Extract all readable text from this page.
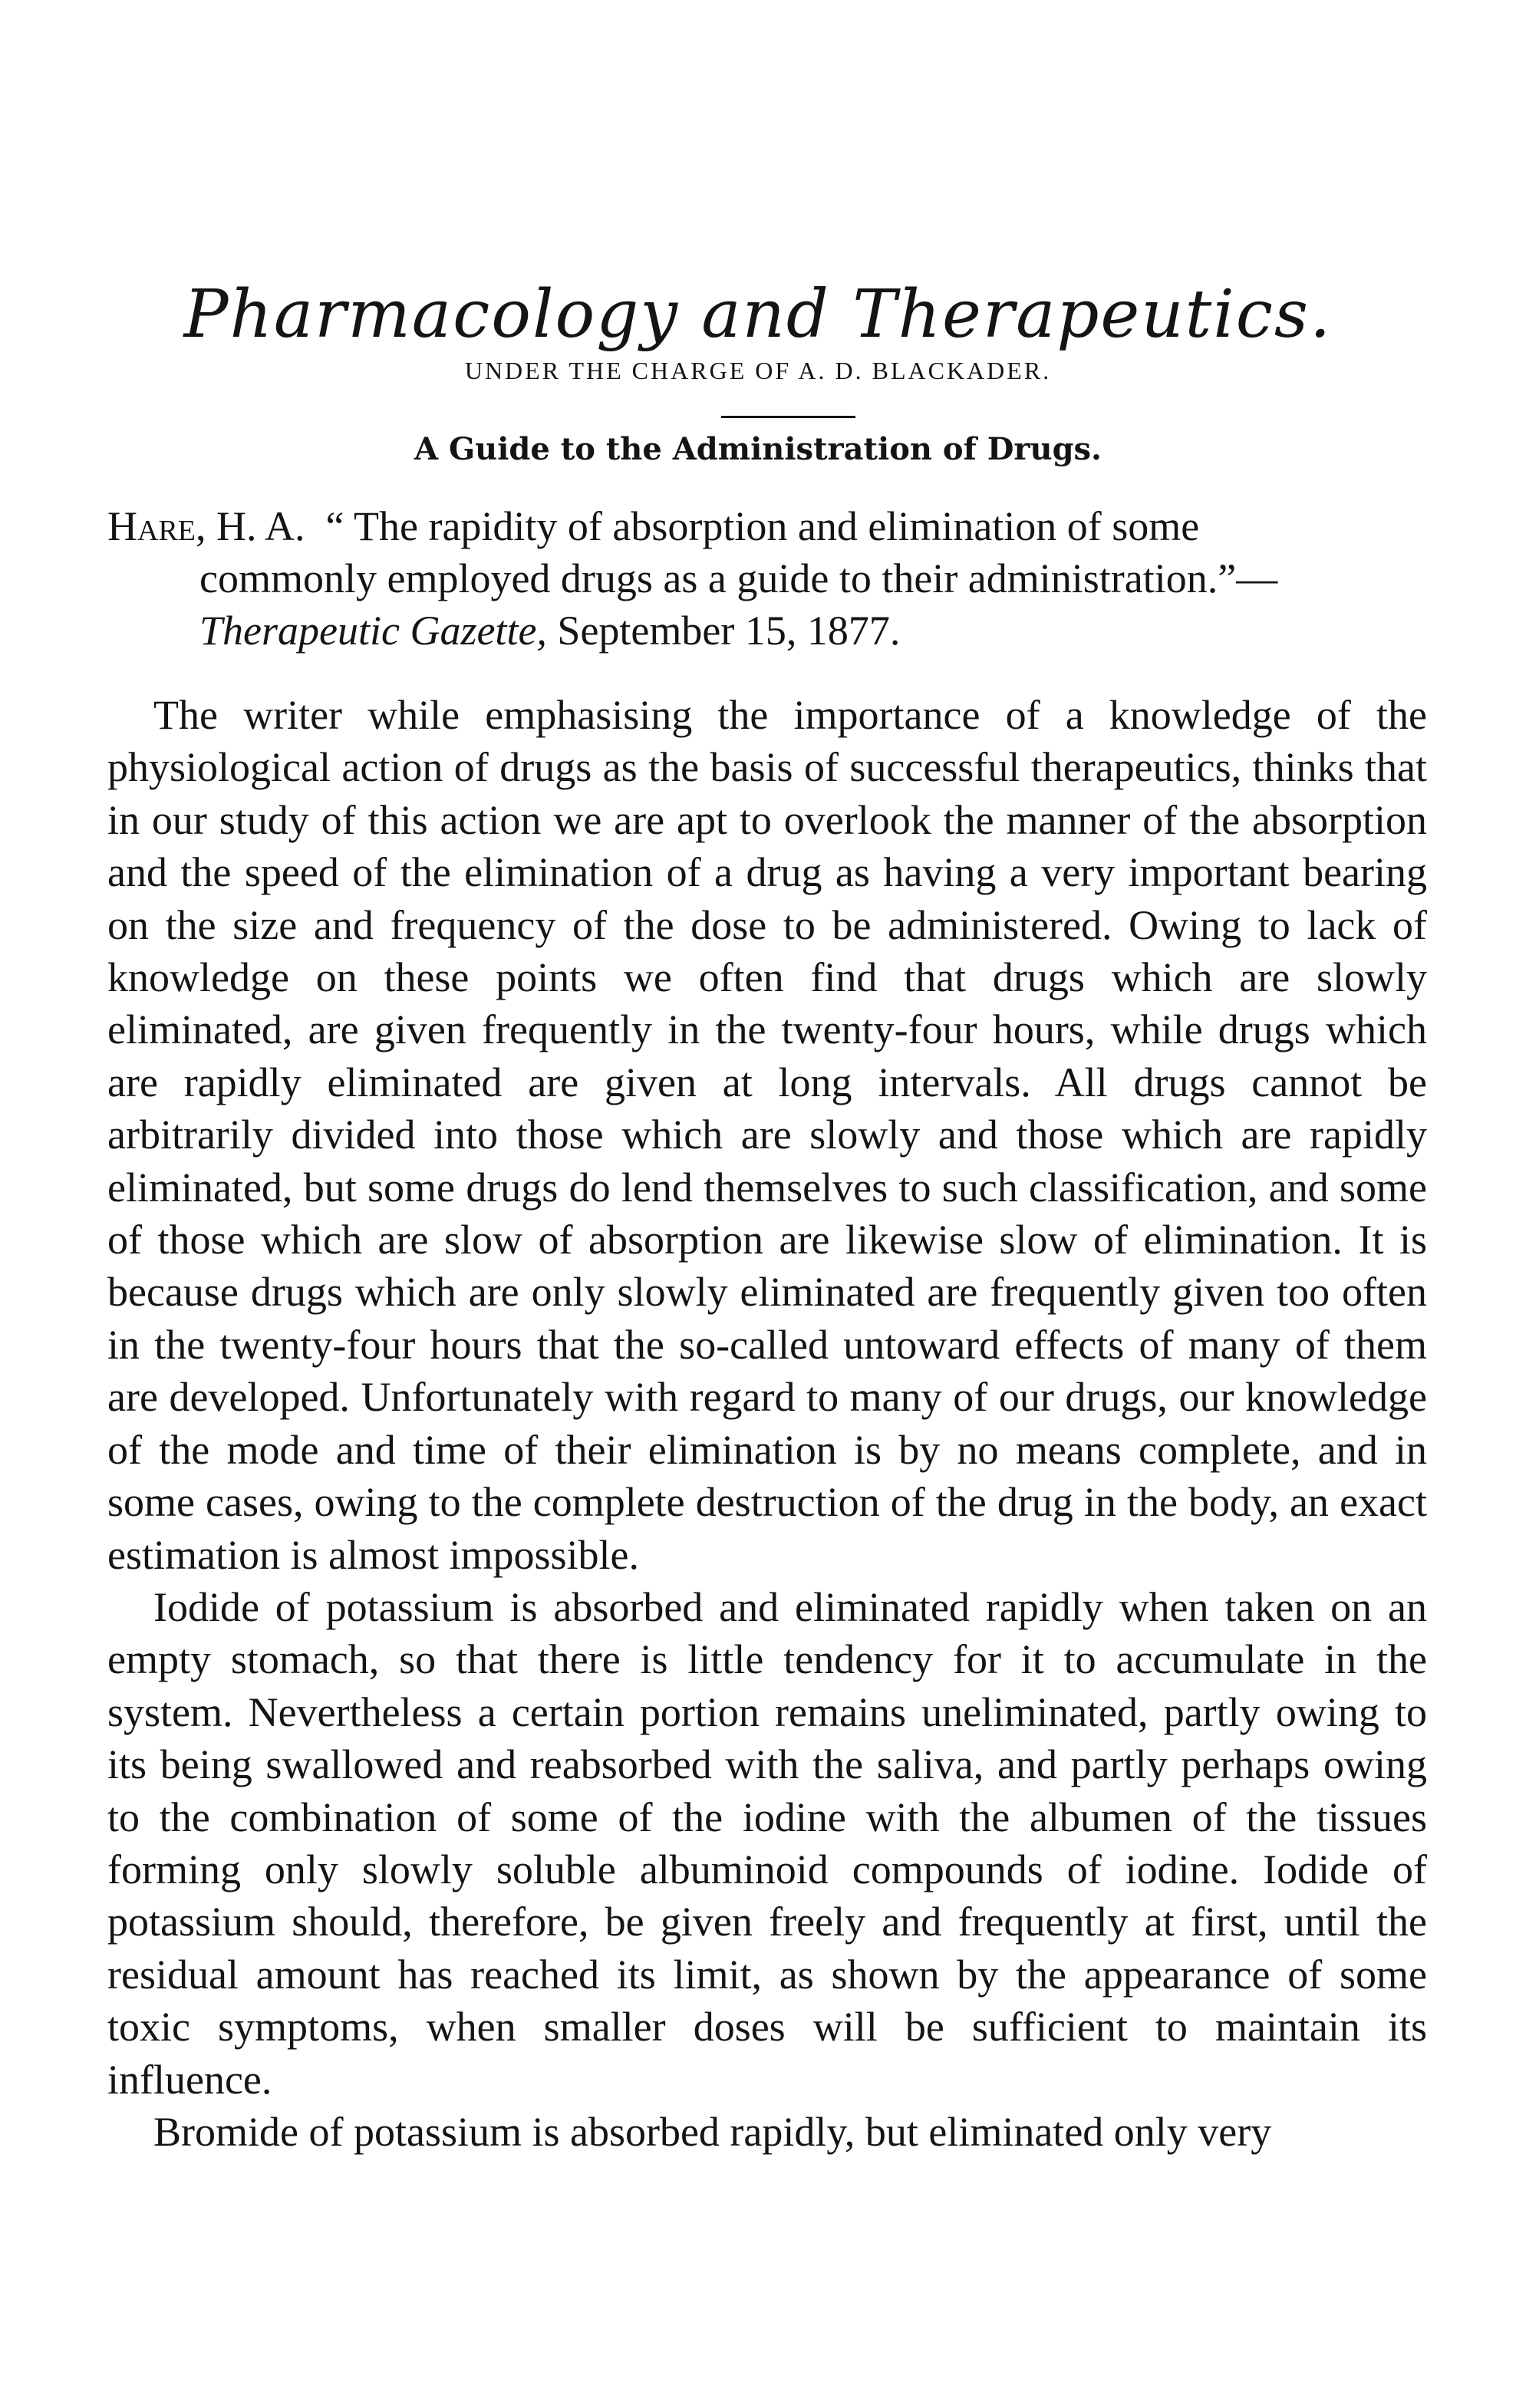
Pharmacology and Therapeutics.
UNDER THE CHARGE OF A. D. BLACKADER.
A Guide to the Administration of Drugs.
Hare, H. A. “ The rapidity of absorption and elimination of some
commonly employed drugs as a guide to their administration.”—
Therapeutic Gazette, September 15, 1877.

The writer while emphasising the importance of a knowledge of the physiological action of drugs as the basis of successful therapeutics, thinks that in our study of this action we are apt to overlook the manner of the absorption and the speed of the elimination of a drug as having a very important bearing on the size and frequency of the dose to be administered. Owing to lack of knowledge on these points we often find that drugs which are slowly eliminated, are given frequently in the twenty-four hours, while drugs which are rapidly eliminated are given at long intervals. All drugs cannot be arbitrarily divided into those which are slowly and those which are rapidly eliminated, but some drugs do lend themselves to such classification, and some of those which are slow of absorption are likewise slow of elimination. It is because drugs which are only slowly eliminated are frequently given too often in the twenty-four hours that the so-called untoward effects of many of them are developed. Unfortunately with regard to many of our drugs, our knowledge of the mode and time of their elimination is by no means complete, and in some cases, owing to the complete destruction of the drug in the body, an exact estimation is almost impossible.

Iodide of potassium is absorbed and eliminated rapidly when taken on an empty stomach, so that there is little tendency for it to accumulate in the system. Nevertheless a certain portion remains uneliminated, partly owing to its being swallowed and reabsorbed with the saliva, and partly perhaps owing to the combination of some of the iodine with the albumen of the tissues forming only slowly soluble albuminoid compounds of iodine. Iodide of potassium should, therefore, be given freely and frequently at first, until the residual amount has reached its limit, as shown by the appearance of some toxic symptoms, when smaller doses will be sufficient to maintain its influence.

Bromide of potassium is absorbed rapidly, but eliminated only very
